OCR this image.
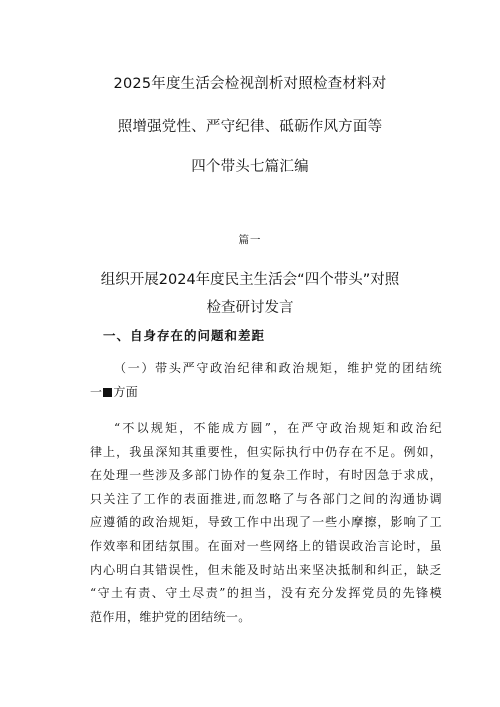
2025年度生活会检视剖析对照检查材料对
照增强党性、严守纪律、砥砺作风方面等
四个带头七篇汇编
篇一
组织开展2024年度民主生活会“四个带头”对照
检查研讨发言
一、自身存在的问题和差距
（一）带头严守政治纪律和政治规矩，维护党的团结统
一 方面
“不以规矩，不能成方圆”，在严守政治规矩和政治纪
律上，我虽深知其重要性，但实际执行中仍存在不足。例如，
在处理一些涉及多部门协作的复杂工作时，有时因急于求成，
只关注了工作的表面推进,而忽略了与各部门之间的沟通协调
应遵循的政治规矩，导致工作中出现了一些小摩擦，影响了工
作效率和团结氛围。在面对一些网络上的错误政治言论时，虽
内心明白其错误性，但未能及时站出来坚决抵制和纠正，缺乏
“守土有责、守土尽责”的担当，没有充分发挥党员的先锋模
范作用，维护党的团结统一。
